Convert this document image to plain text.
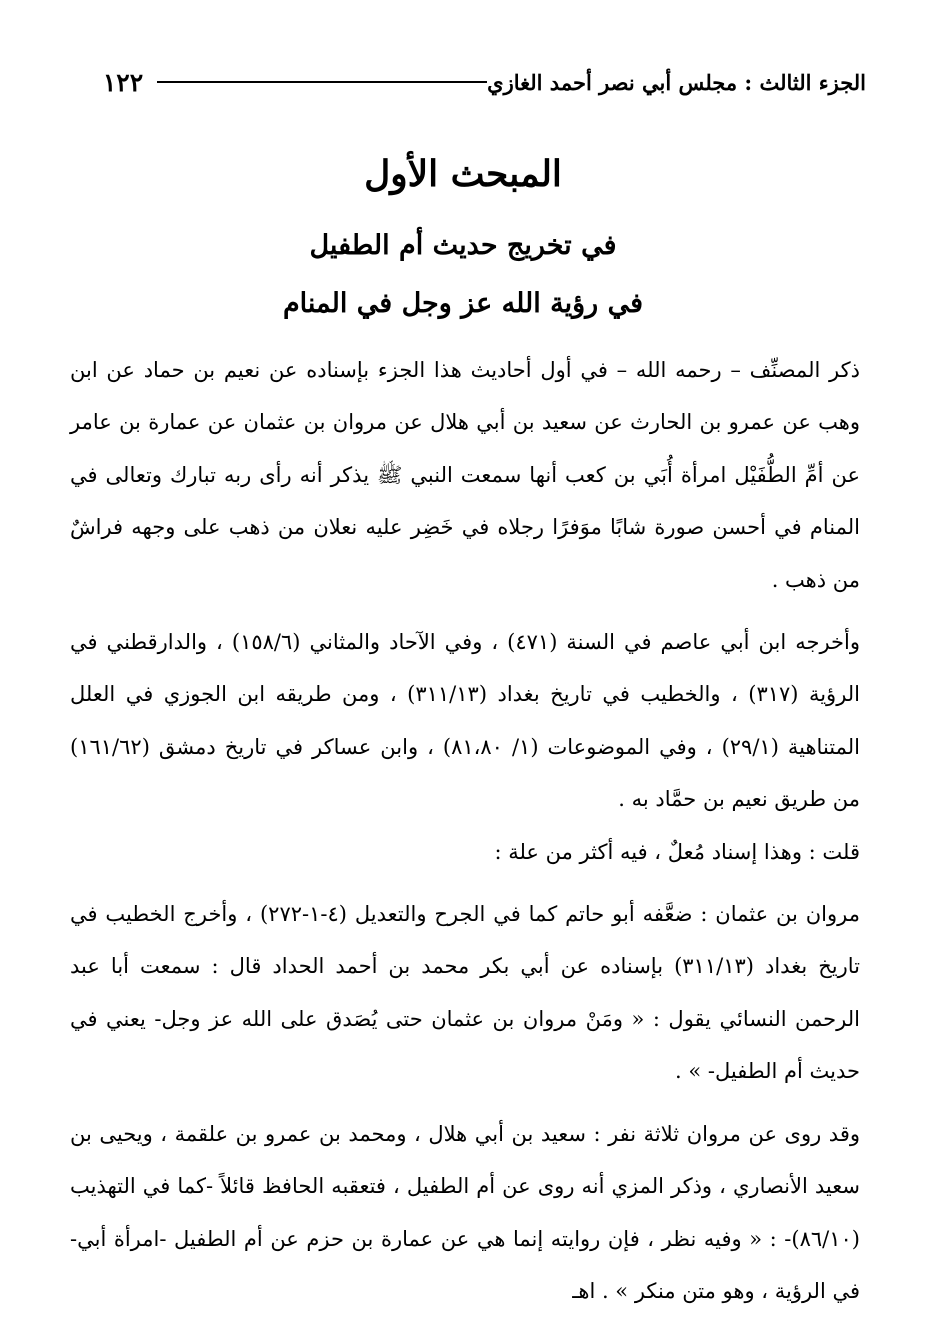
الجزء الثالث : مجلس أبي نصر أحمد الغازي
١٢٢
المبحث الأول
في تخريج حديث أم الطفيل
في رؤية الله عز وجل في المنام

ذكر المصنِّف – رحمه الله – في أول أحاديث هذا الجزء بإسناده عن نعيم بن حماد عن ابن وهب عن عمرو بن الحارث عن سعيد بن أبي هلال عن مروان بن عثمان عن عمارة بن عامر عن أمِّ الطُّفَيْل امرأة أُبَي بن كعب أنها سمعت النبي ﷺ يذكر أنه رأى ربه تبارك وتعالى في المنام في أحسن صورة شابًا موَفرًا رجلاه في خَضِر عليه نعلان من ذهب على وجهه فراشٌ من ذهب .

وأخرجه ابن أبي عاصم في السنة (٤٧١) ، وفي الآحاد والمثاني (١٥٨/٦) ، والدارقطني في الرؤية (٣١٧) ، والخطيب في تاريخ بغداد (٣١١/١٣) ، ومن طريقه ابن الجوزي في العلل المتناهية (٢٩/١) ، وفي الموضوعات (١/ ٨١،٨٠) ، وابن عساكر في تاريخ دمشق (١٦١/٦٢) من طريق نعيم بن حمَّاد به .

قلت : وهذا إسناد مُعلٌ ، فيه أكثر من علة :

مروان بن عثمان : ضعَّفه أبو حاتم كما في الجرح والتعديل (٤-١-٢٧٢) ، وأخرج الخطيب في تاريخ بغداد (٣١١/١٣) بإسناده عن أبي بكر محمد بن أحمد الحداد قال : سمعت أبا عبد الرحمن النسائي يقول : « ومَنْ مروان بن عثمان حتى يُصَدق على الله عز وجل- يعني في حديث أم الطفيل- » .

وقد روى عن مروان ثلاثة نفر : سعيد بن أبي هلال ، ومحمد بن عمرو بن علقمة ، ويحيى بن سعيد الأنصاري ، وذكر المزي أنه روى عن أم الطفيل ، فتعقبه الحافظ قائلاً -كما في التهذيب (٨٦/١٠)- : « وفيه نظر ، فإن روايته إنما هي عن عمارة بن حزم عن أم الطفيل -امرأة أبي- في الرؤية ، وهو متن منكر » . اهـ
